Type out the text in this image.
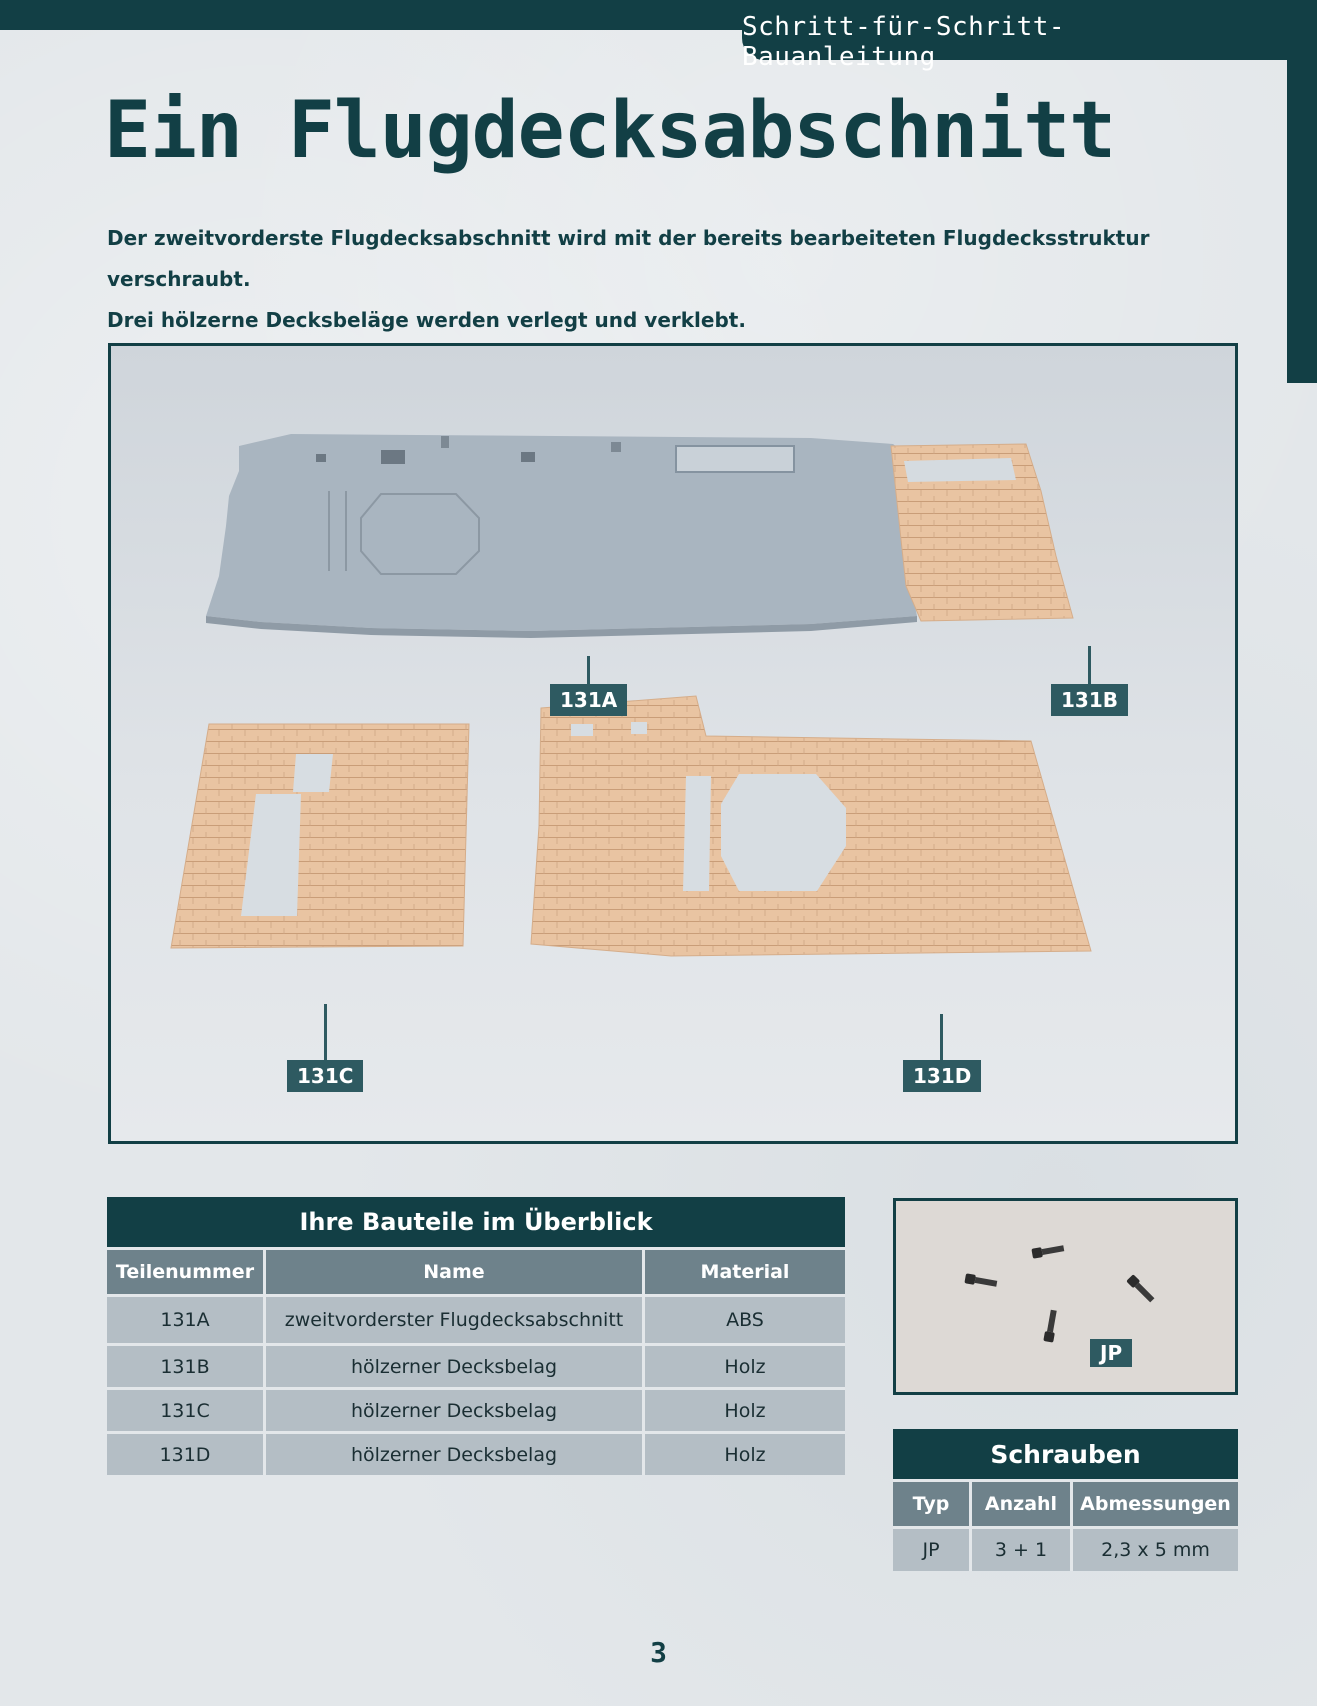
Schritt-für-Schritt-Bauanleitung
Ein Flugdecksabschnitt

Der zweitvorderste Flugdecksabschnitt wird mit der bereits bearbeiteten Flugdecksstruktur verschraubt.

Drei hölzerne Decksbeläge werden verlegt und verklebt.

131A	131B
131C	131D
Ihre Bauteile im Überblick		
Teilenummer	Name	Material
131A	zweitvorderster Flugdecksabschnitt	ABS
131B	hölzerner Decksbelag	Holz
131C	hölzerner Decksbelag	Holz
131D	hölzerner Decksbelag	Holz
JP
Schrauben		
Typ	Anzahl	Abmessungen
JP	3 + 1	2,3 x 5 mm
3
